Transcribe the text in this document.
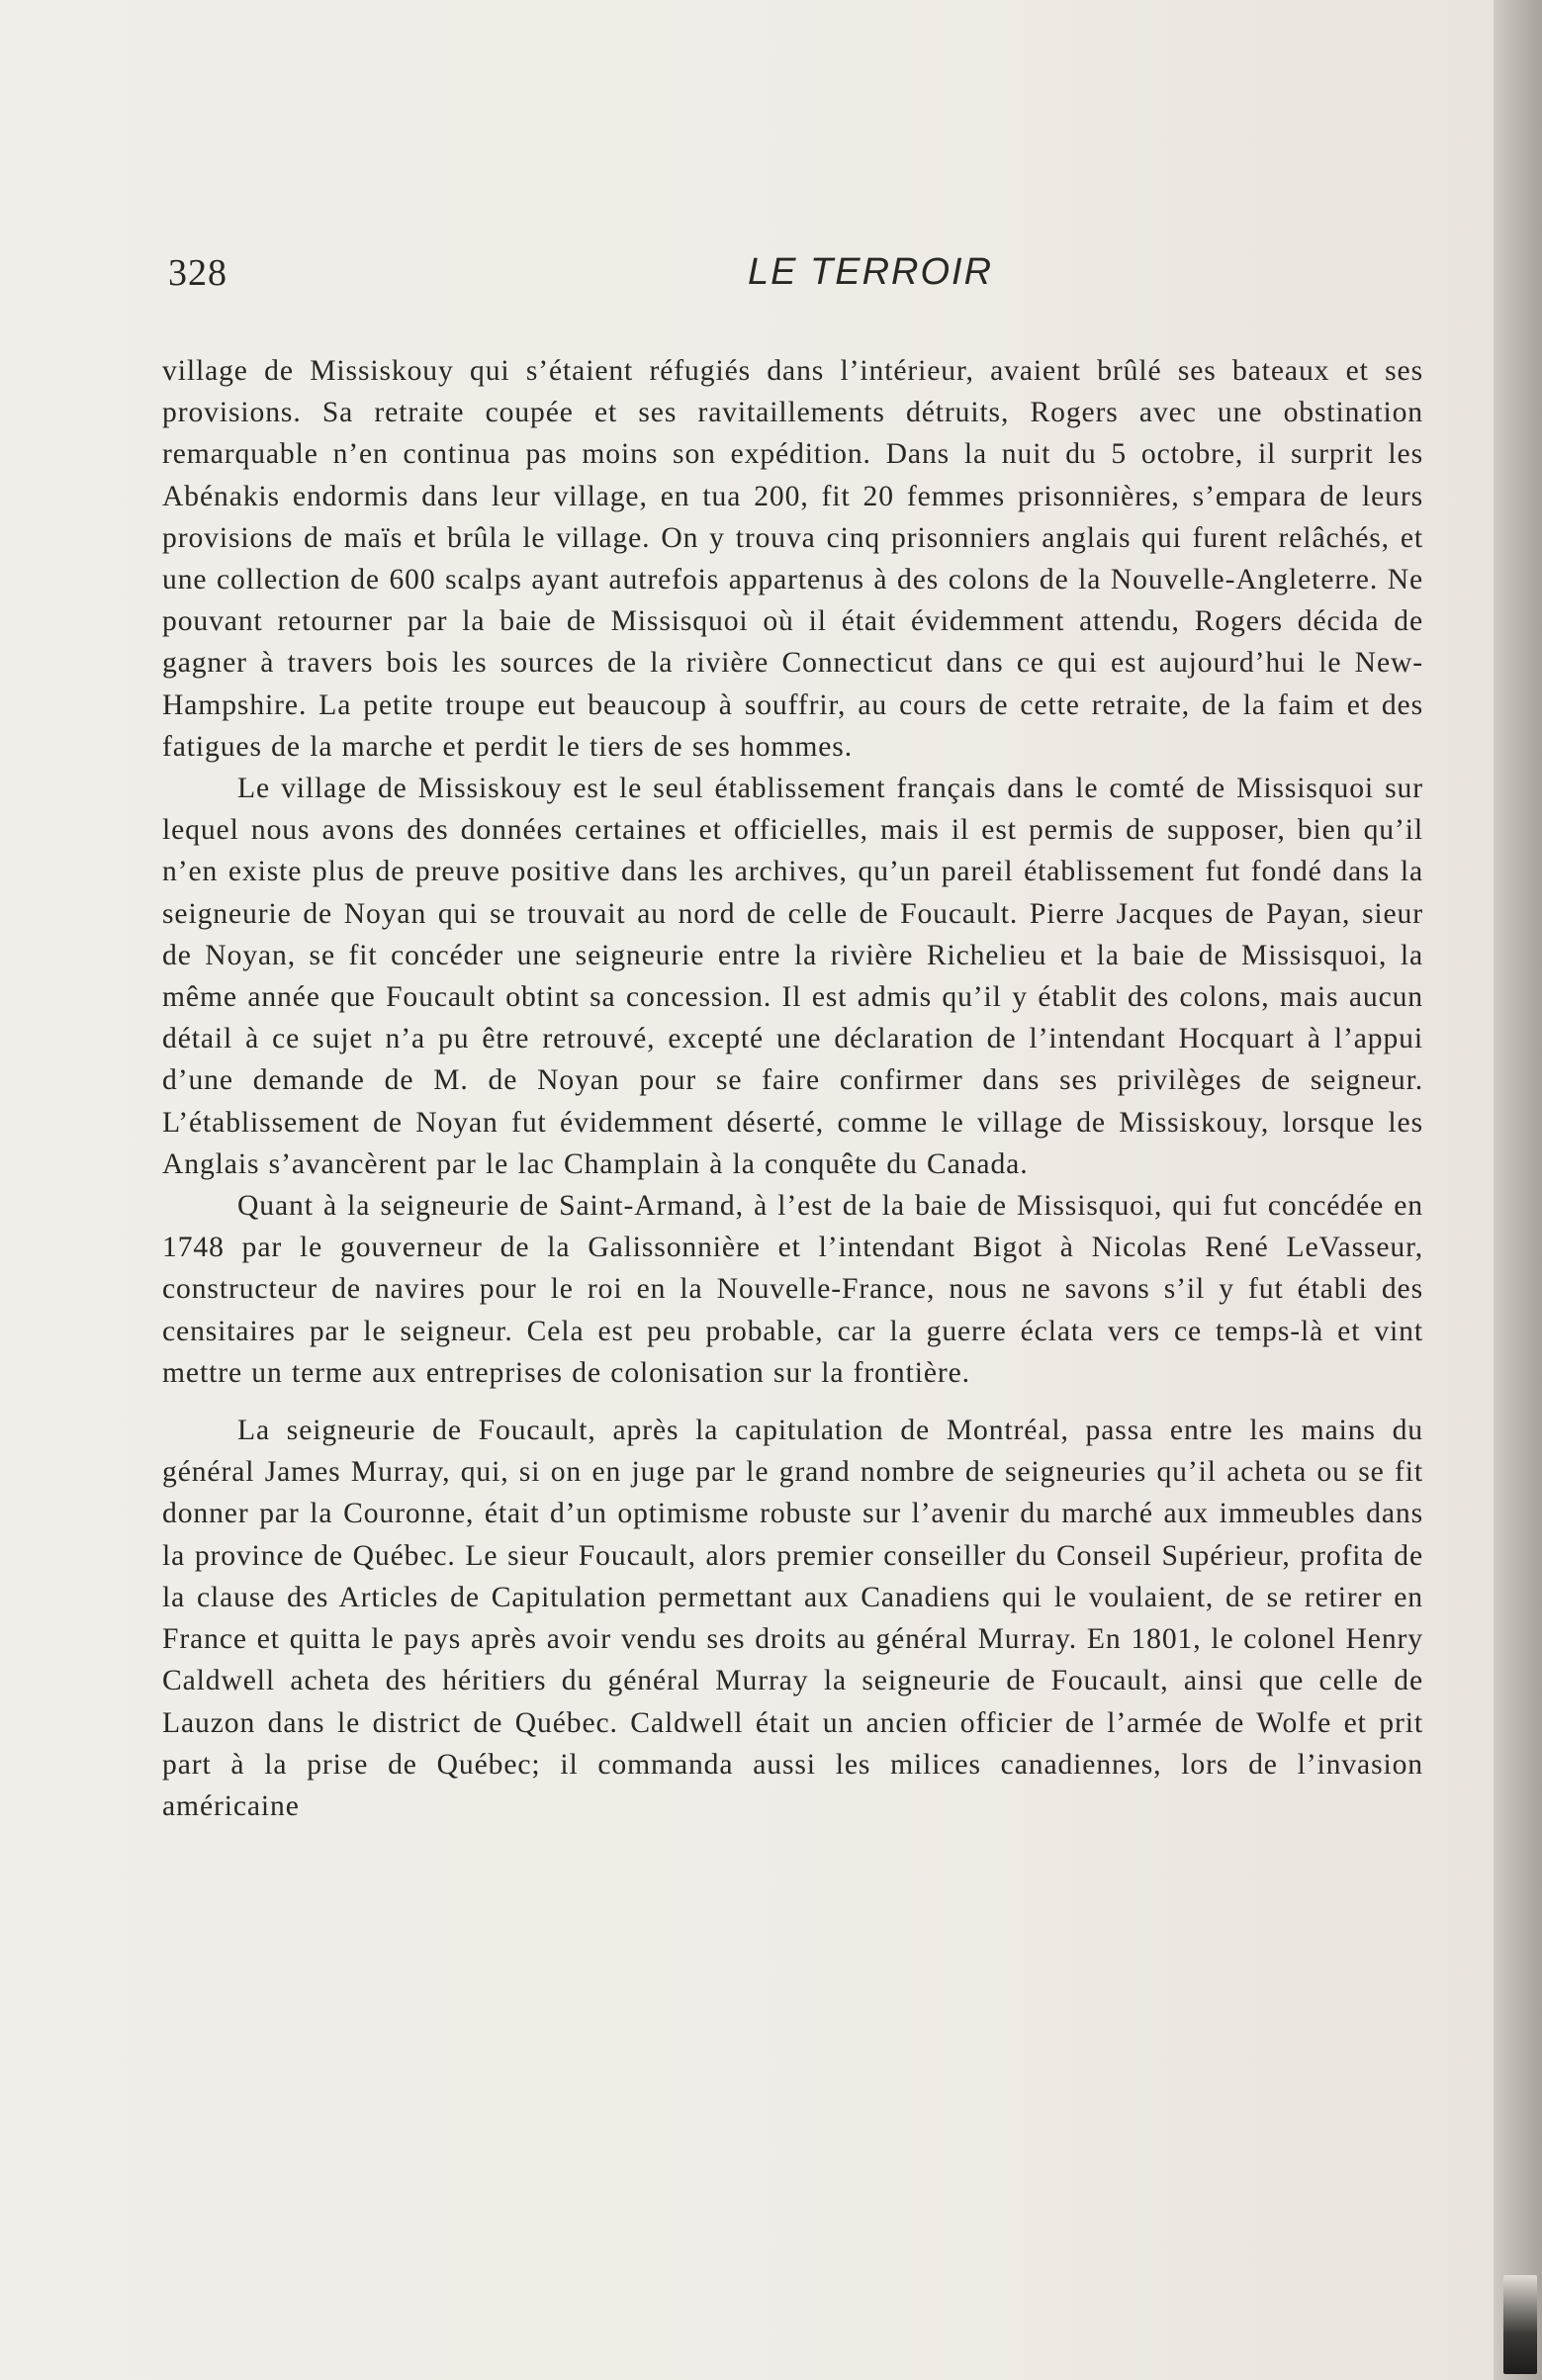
328	LE TERROIR

village de Missiskouy qui s’étaient réfugiés dans l’intérieur, avaient brûlé ses bateaux et ses provisions. Sa retraite coupée et ses ravitaillements détruits, Rogers avec une obstination remarquable n’en continua pas moins son expédition. Dans la nuit du 5 octobre, il surprit les Abénakis endormis dans leur village, en tua 200, fit 20 femmes prisonnières, s’empara de leurs provisions de maïs et brûla le village. On y trouva cinq prisonniers anglais qui furent relâchés, et une collection de 600 scalps ayant autrefois appartenus à des colons de la Nouvelle-Angleterre. Ne pouvant retourner par la baie de Missisquoi où il était évidemment attendu, Rogers décida de gagner à travers bois les sources de la rivière Connecticut dans ce qui est aujourd’hui le New-Hampshire. La petite troupe eut beaucoup à souffrir, au cours de cette retraite, de la faim et des fatigues de la marche et perdit le tiers de ses hommes.

Le village de Missiskouy est le seul établissement français dans le comté de Missisquoi sur lequel nous avons des données certaines et officielles, mais il est permis de supposer, bien qu’il n’en existe plus de preuve positive dans les archives, qu’un pareil établissement fut fondé dans la seigneurie de Noyan qui se trouvait au nord de celle de Foucault. Pierre Jacques de Payan, sieur de Noyan, se fit concéder une seigneurie entre la rivière Richelieu et la baie de Missisquoi, la même année que Foucault obtint sa concession. Il est admis qu’il y établit des colons, mais aucun détail à ce sujet n’a pu être retrouvé, excepté une déclaration de l’intendant Hocquart à l’appui d’une demande de M. de Noyan pour se faire confirmer dans ses privilèges de seigneur. L’établissement de Noyan fut évidemment déserté, comme le village de Missiskouy, lorsque les Anglais s’avancèrent par le lac Champlain à la conquête du Canada.

Quant à la seigneurie de Saint-Armand, à l’est de la baie de Missisquoi, qui fut concédée en 1748 par le gouverneur de la Galissonnière et l’intendant Bigot à Nicolas René LeVasseur, constructeur de navires pour le roi en la Nouvelle-France, nous ne savons s’il y fut établi des censitaires par le seigneur. Cela est peu probable, car la guerre éclata vers ce temps-là et vint mettre un terme aux entreprises de colonisation sur la frontière.

La seigneurie de Foucault, après la capitulation de Montréal, passa entre les mains du général James Murray, qui, si on en juge par le grand nombre de seigneuries qu’il acheta ou se fit donner par la Couronne, était d’un optimisme robuste sur l’avenir du marché aux immeubles dans la province de Québec. Le sieur Foucault, alors premier conseiller du Conseil Supérieur, profita de la clause des Articles de Capitulation permettant aux Canadiens qui le voulaient, de se retirer en France et quitta le pays après avoir vendu ses droits au général Murray. En 1801, le colonel Henry Caldwell acheta des héritiers du général Murray la seigneurie de Foucault, ainsi que celle de Lauzon dans le district de Québec. Caldwell était un ancien officier de l’armée de Wolfe et prit part à la prise de Québec; il commanda aussi les milices canadiennes, lors de l’invasion américaine
